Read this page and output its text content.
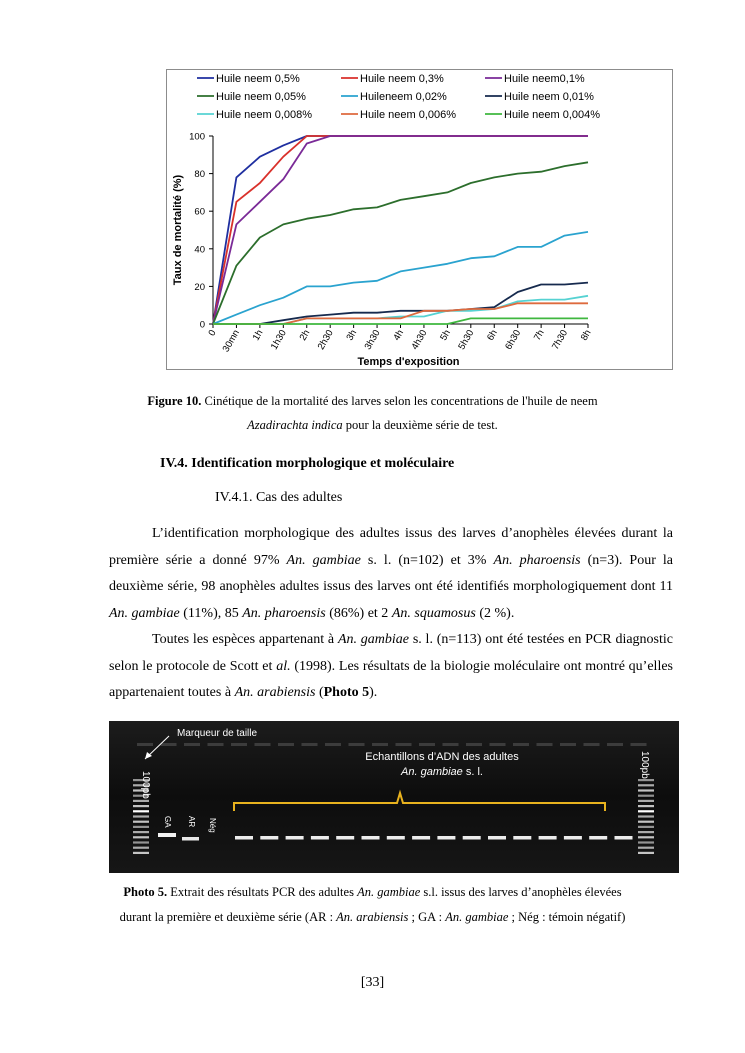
0
20
40
60
80
100
0 30mn 1h 1h30 2h 2h30 3h 3h30 4h 4h30 5h 5h30 6h 6h30 7h 7h30 8h
Taux de mortalité (%)
Temps d'exposition
Huile neem 0,5%	Huile neem 0,3%	Huile neem0,1%
Huile neem 0,05%	Huileneem 0,02%	Huile neem 0,01%
Huile neem 0,008%	Huile neem 0,006%	Huile neem 0,004%
Figure 10. Cinétique de la mortalité des larves selon les concentrations de l'huile de neem
Azadirachta indica pour la deuxième série de test.
IV.4. Identification morphologique et moléculaire
IV.4.1. Cas des adultes
L’identification morphologique des adultes issus des larves d’anophèles élevées durant la première série a donné 97% An. gambiae s. l. (n=102) et 3% An. pharoensis (n=3). Pour la deuxième série, 98 anophèles adultes issus des larves ont été identifiés morphologiquement dont 11 An. gambiae (11%), 85 An. pharoensis (86%) et 2 An. squamosus (2 %).
Toutes les espèces appartenant à An. gambiae s. l. (n=113) ont été testées en PCR diagnostic selon le protocole de Scott et al. (1998). Les résultats de la biologie moléculaire ont montré qu’elles appartenaient toutes à An. arabiensis (Photo 5).
Marqueur de taille
Echantillons d’ADN des adultes
An. gambiae s. l.
100pb
100pb
GA AR Nég
Photo 5. Extrait des résultats PCR des adultes An. gambiae s.l. issus des larves d’anophèles élevées
durant la première et deuxième série (AR : An. arabiensis ; GA : An. gambiae ; Nég : témoin négatif)
[33]
